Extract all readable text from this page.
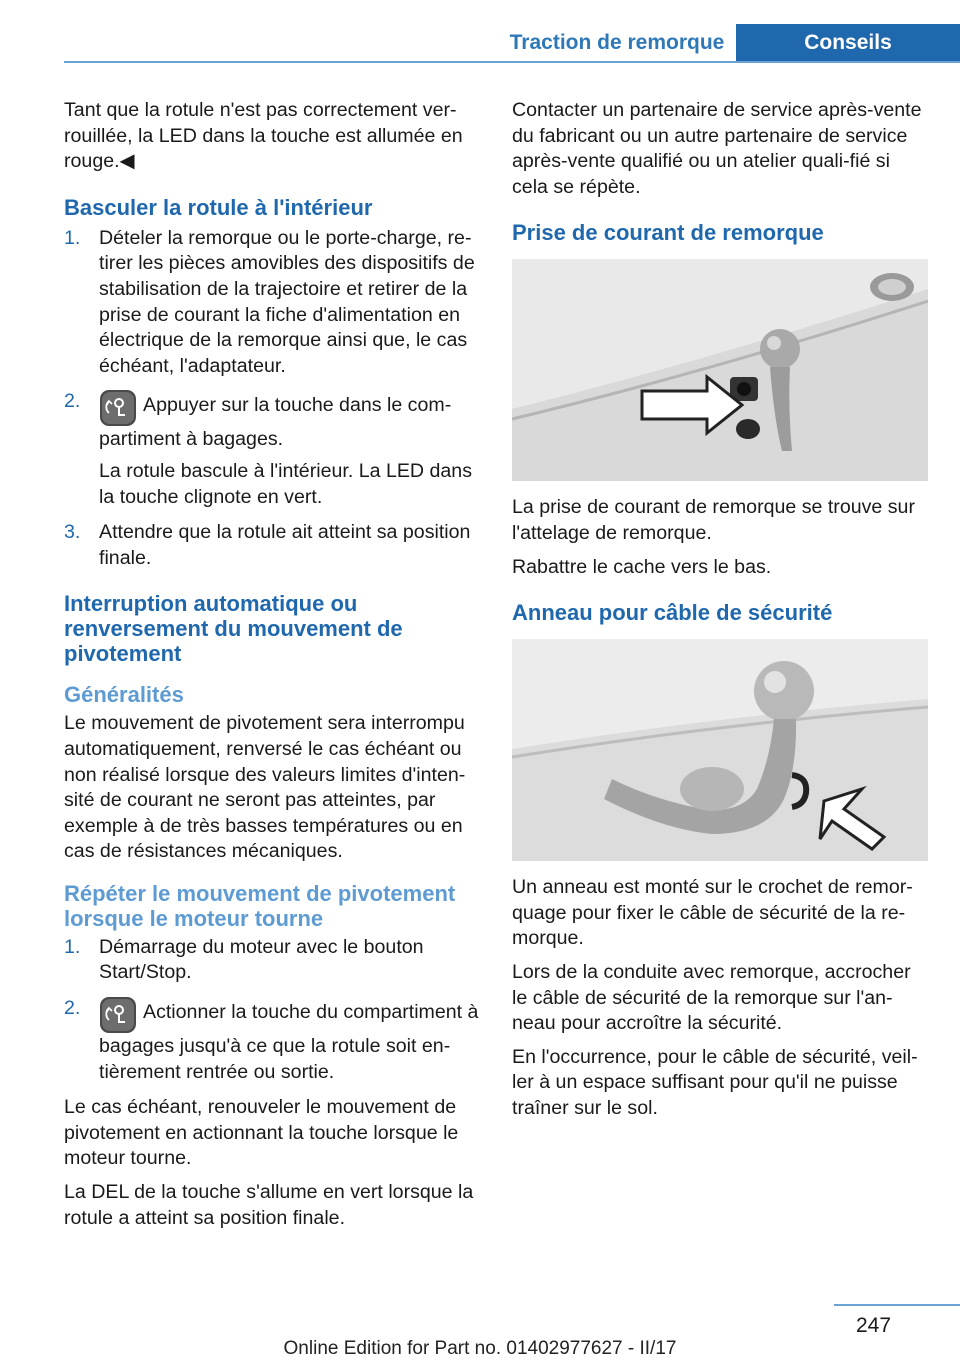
Traction de remorque	Conseils

Tant que la rotule n'est pas correctement ver-rouillée, la LED dans la touche est allumée en rouge.◀

Basculer la rotule à l'intérieur
1. Dételer la remorque ou le porte-charge, re-tirer les pièces amovibles des dispositifs de stabilisation de la trajectoire et retirer de la prise de courant la fiche d'alimentation en électrique de la remorque ainsi que, le cas échéant, l'adaptateur.

2.	Appuyer sur la touche dans le com-partiment à bagages.

La rotule bascule à l'intérieur. La LED dans la touche clignote en vert.

3. Attendre que la rotule ait atteint sa position finale.

Interruption automatique ou renversement du mouvement de pivotement
Généralités

Le mouvement de pivotement sera interrompu automatiquement, renversé le cas échéant ou non réalisé lorsque des valeurs limites d'inten-sité de courant ne seront pas atteintes, par exemple à de très basses températures ou en cas de résistances mécaniques.

Répéter le mouvement de pivotement lorsque le moteur tourne
1. Démarrage du moteur avec le bouton Start/Stop.

2.	Actionner la touche du compartiment à bagages jusqu'à ce que la rotule soit en-tièrement rentrée ou sortie.

Le cas échéant, renouveler le mouvement de pivotement en actionnant la touche lorsque le moteur tourne.

La DEL de la touche s'allume en vert lorsque la rotule a atteint sa position finale.

Contacter un partenaire de service après-vente du fabricant ou un autre partenaire de service après-vente qualifié ou un atelier quali-fié si cela se répète.

Prise de courant de remorque

La prise de courant de remorque se trouve sur l'attelage de remorque.

Rabattre le cache vers le bas.

Anneau pour câble de sécurité

Un anneau est monté sur le crochet de remor-quage pour fixer le câble de sécurité de la re-morque.

Lors de la conduite avec remorque, accrocher le câble de sécurité de la remorque sur l'an-neau pour accroître la sécurité.

En l'occurrence, pour le câble de sécurité, veil-ler à un espace suffisant pour qu'il ne puisse traîner sur le sol.

247
Online Edition for Part no. 01402977627 - II/17
